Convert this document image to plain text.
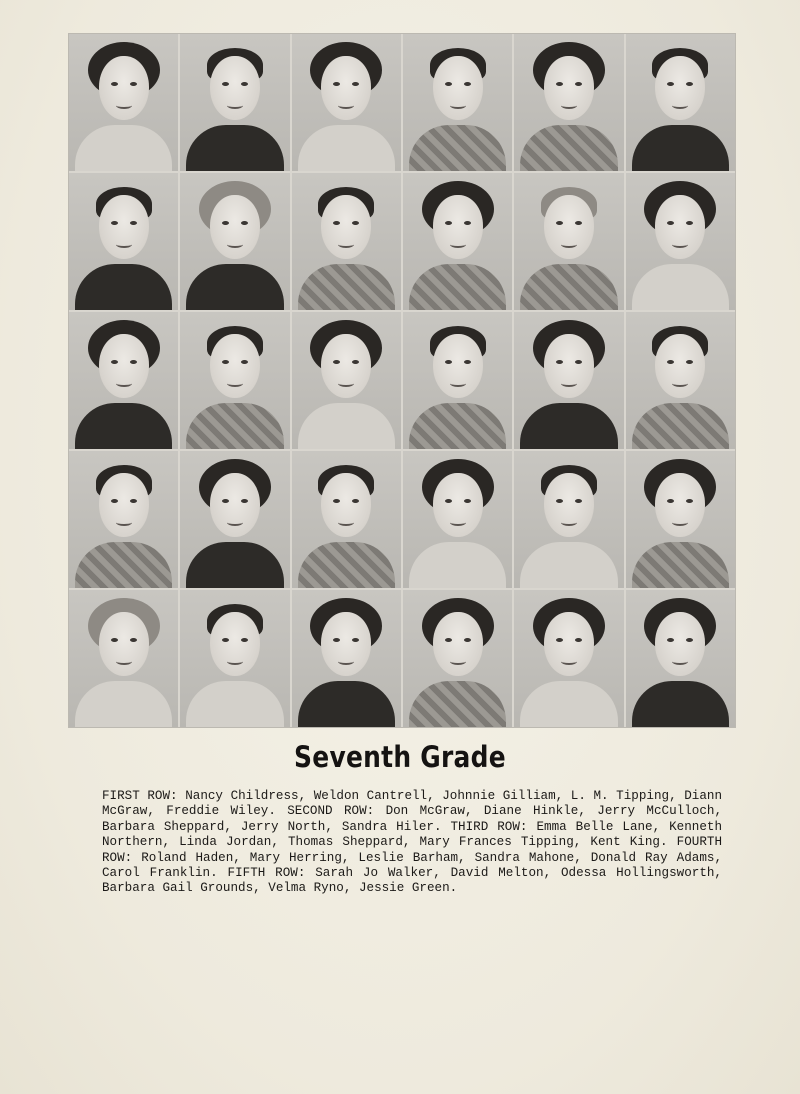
Seventh Grade
FIRST ROW: Nancy Childress, Weldon Cantrell, Johnnie Gilliam, L. M. Tipping, Diann McGraw, Freddie Wiley. SECOND ROW: Don McGraw, Diane Hinkle, Jerry McCulloch, Barbara Sheppard, Jerry North, Sandra Hiler. THIRD ROW: Emma Belle Lane, Kenneth Northern, Linda Jordan, Thomas Sheppard, Mary Frances Tipping, Kent King. FOURTH ROW: Roland Haden, Mary Herring, Leslie Barham, Sandra Mahone, Donald Ray Adams, Carol Franklin. FIFTH ROW: Sarah Jo Walker, David Melton, Odessa Hollingsworth, Barbara Gail Grounds, Velma Ryno, Jessie Green.
